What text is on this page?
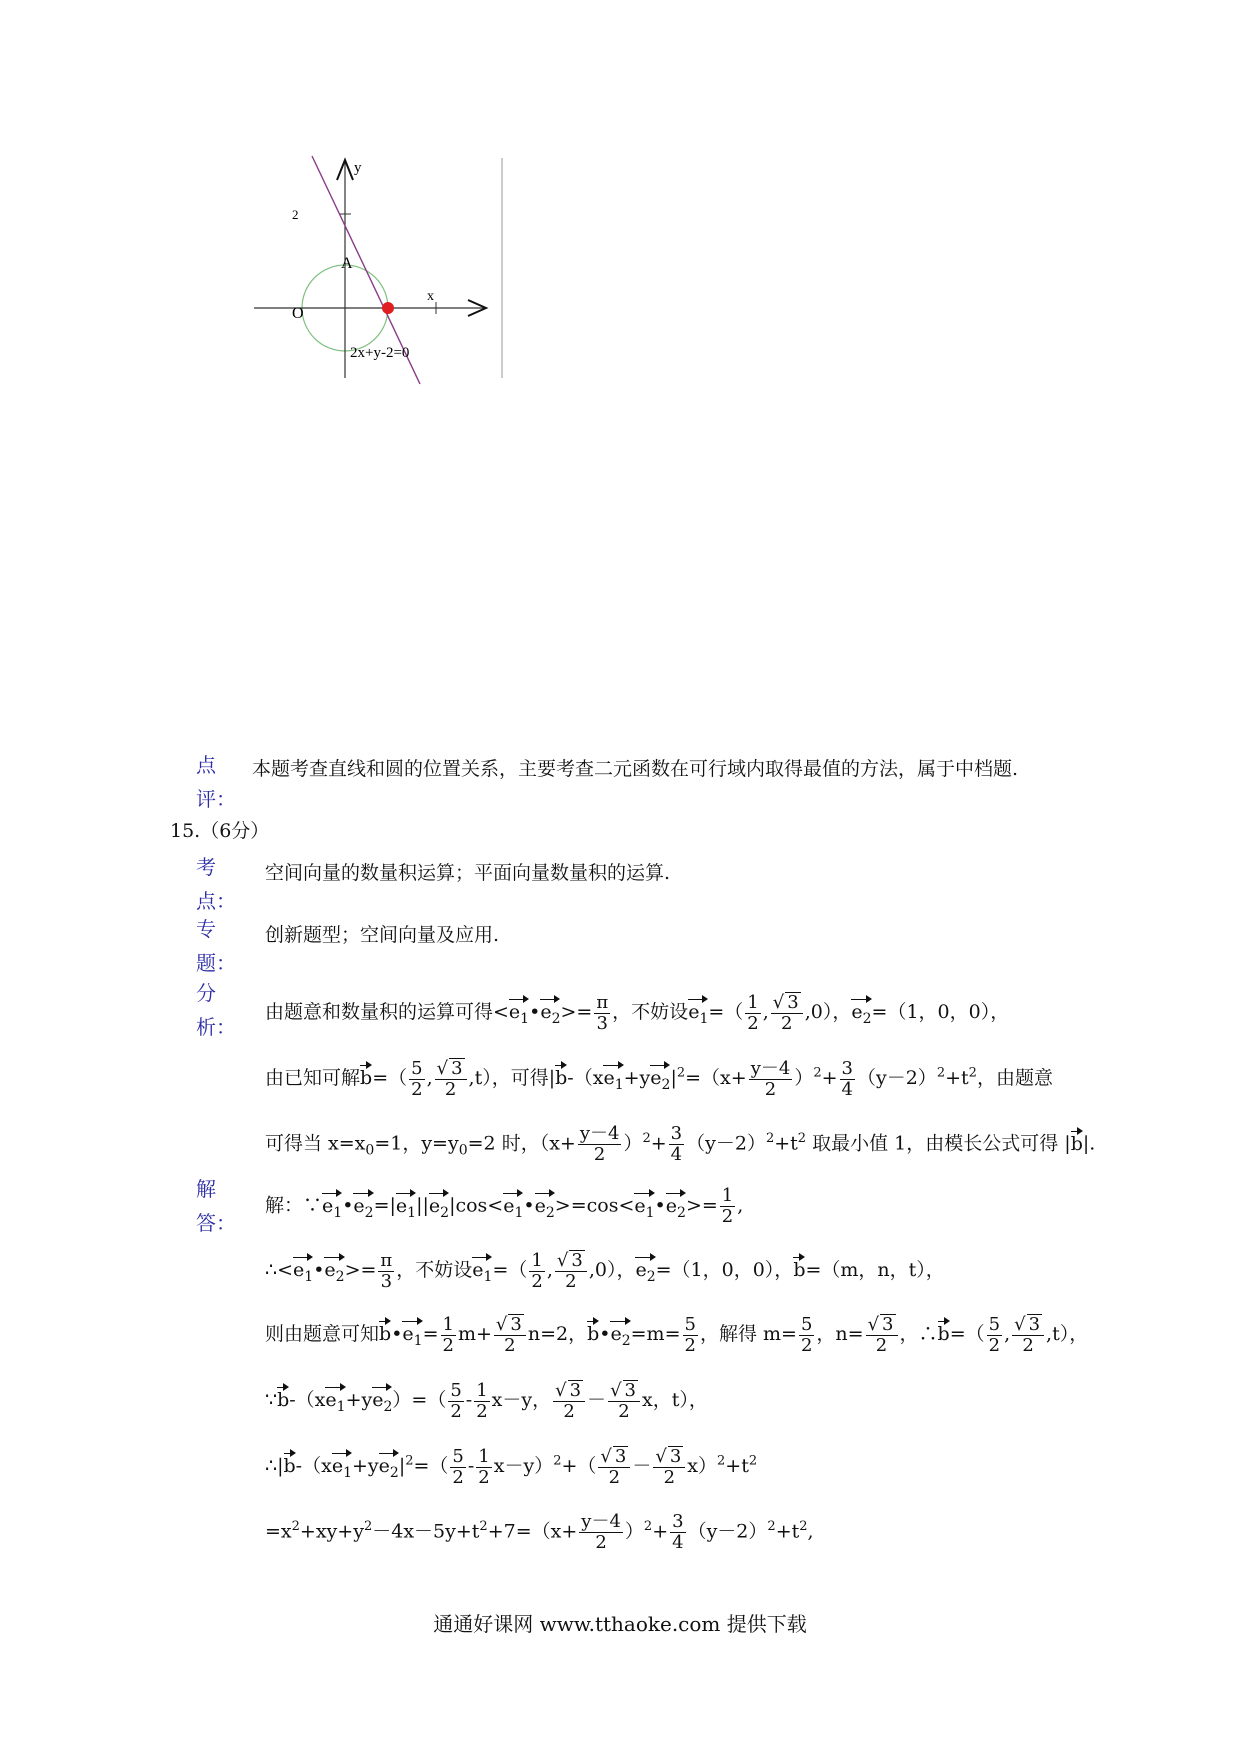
y
x
2
A
O
2x+y-2=0
点
评：
本题考查直线和圆的位置关系，主要考查二元函数在可行域内取得最值的方法，属于中档题.
15.（6分）
考
点：
空间向量的数量积运算；平面向量数量积的运算.
专
题：
创新题型；空间向量及应用.
分
析：
由题意和数量积的运算可得$<e_1•e_2>= \frac{\pi}{3}$ ，不妨设$e_1=( \frac{1}{2}$ , $\frac{√ 3}{2} ,0$），$e_2=(1$，0，0），
由已知可解$b=( \frac{5}{2}$ , $\frac{√ 3}{2} ,t$），可得$|b-(xe_1+ye_2|^2=(x+ \frac{y-4}{2} )^2+ \frac{3}{4} (y-2)^2+t^2$，由题意
可得当 $x=x_0=1$，$y=y_0=2$ 时，$(x+ \frac{y-4}{2} )^2+ \frac{3}{4} (y-2)^2+t^2$ 取最小值 1，由模长公式可得 |b|.
解
答：
解：$\because e_1•e_2=|e_1||e_2|\cos<e_1•e_2>=\cos<e_1•e_2>= \frac{1}{2}$ ,
$\therefore<e_1•e_2>= \frac{\pi}{3}$ ，不妨设$e_1=( \frac{1}{2}$ , $\frac{√ 3}{2} ,0$），$e_2=(1$，0，0），b=（m，n，t），
则由题意可知$b•e_1= \frac{1}{2} m+ \frac{√ 3}{2} n=2$，$b•e_2=m= \frac{5}{2}$ ，解得 $m= \frac{5}{2}$ ，$n= \frac{√ 3}{2}$ ，∴b=（ $\frac{5}{2}$ , $\frac{√ 3}{2} ,t$），
$\because b-(xe_1+ye_2)=( \frac{5}{2} - \frac{1}{2} x-y$， $\frac{√ 3}{2} - \frac{√ 3}{2}$ x，t），
$\therefore|b-(xe_1+ye_2|^2=( \frac{5}{2} - \frac{1}{2} x-y)^2+( \frac{√ 3}{2} - \frac{√ 3}{2} x)^2+t^2$
$=x^2+xy+y^2-4x-5y+t^2+7=(x+ \frac{y-4}{2} )^2+ \frac{3}{4} (y-2)^2+t^2$,
通通好课网 www.tthaoke.com 提供下载
